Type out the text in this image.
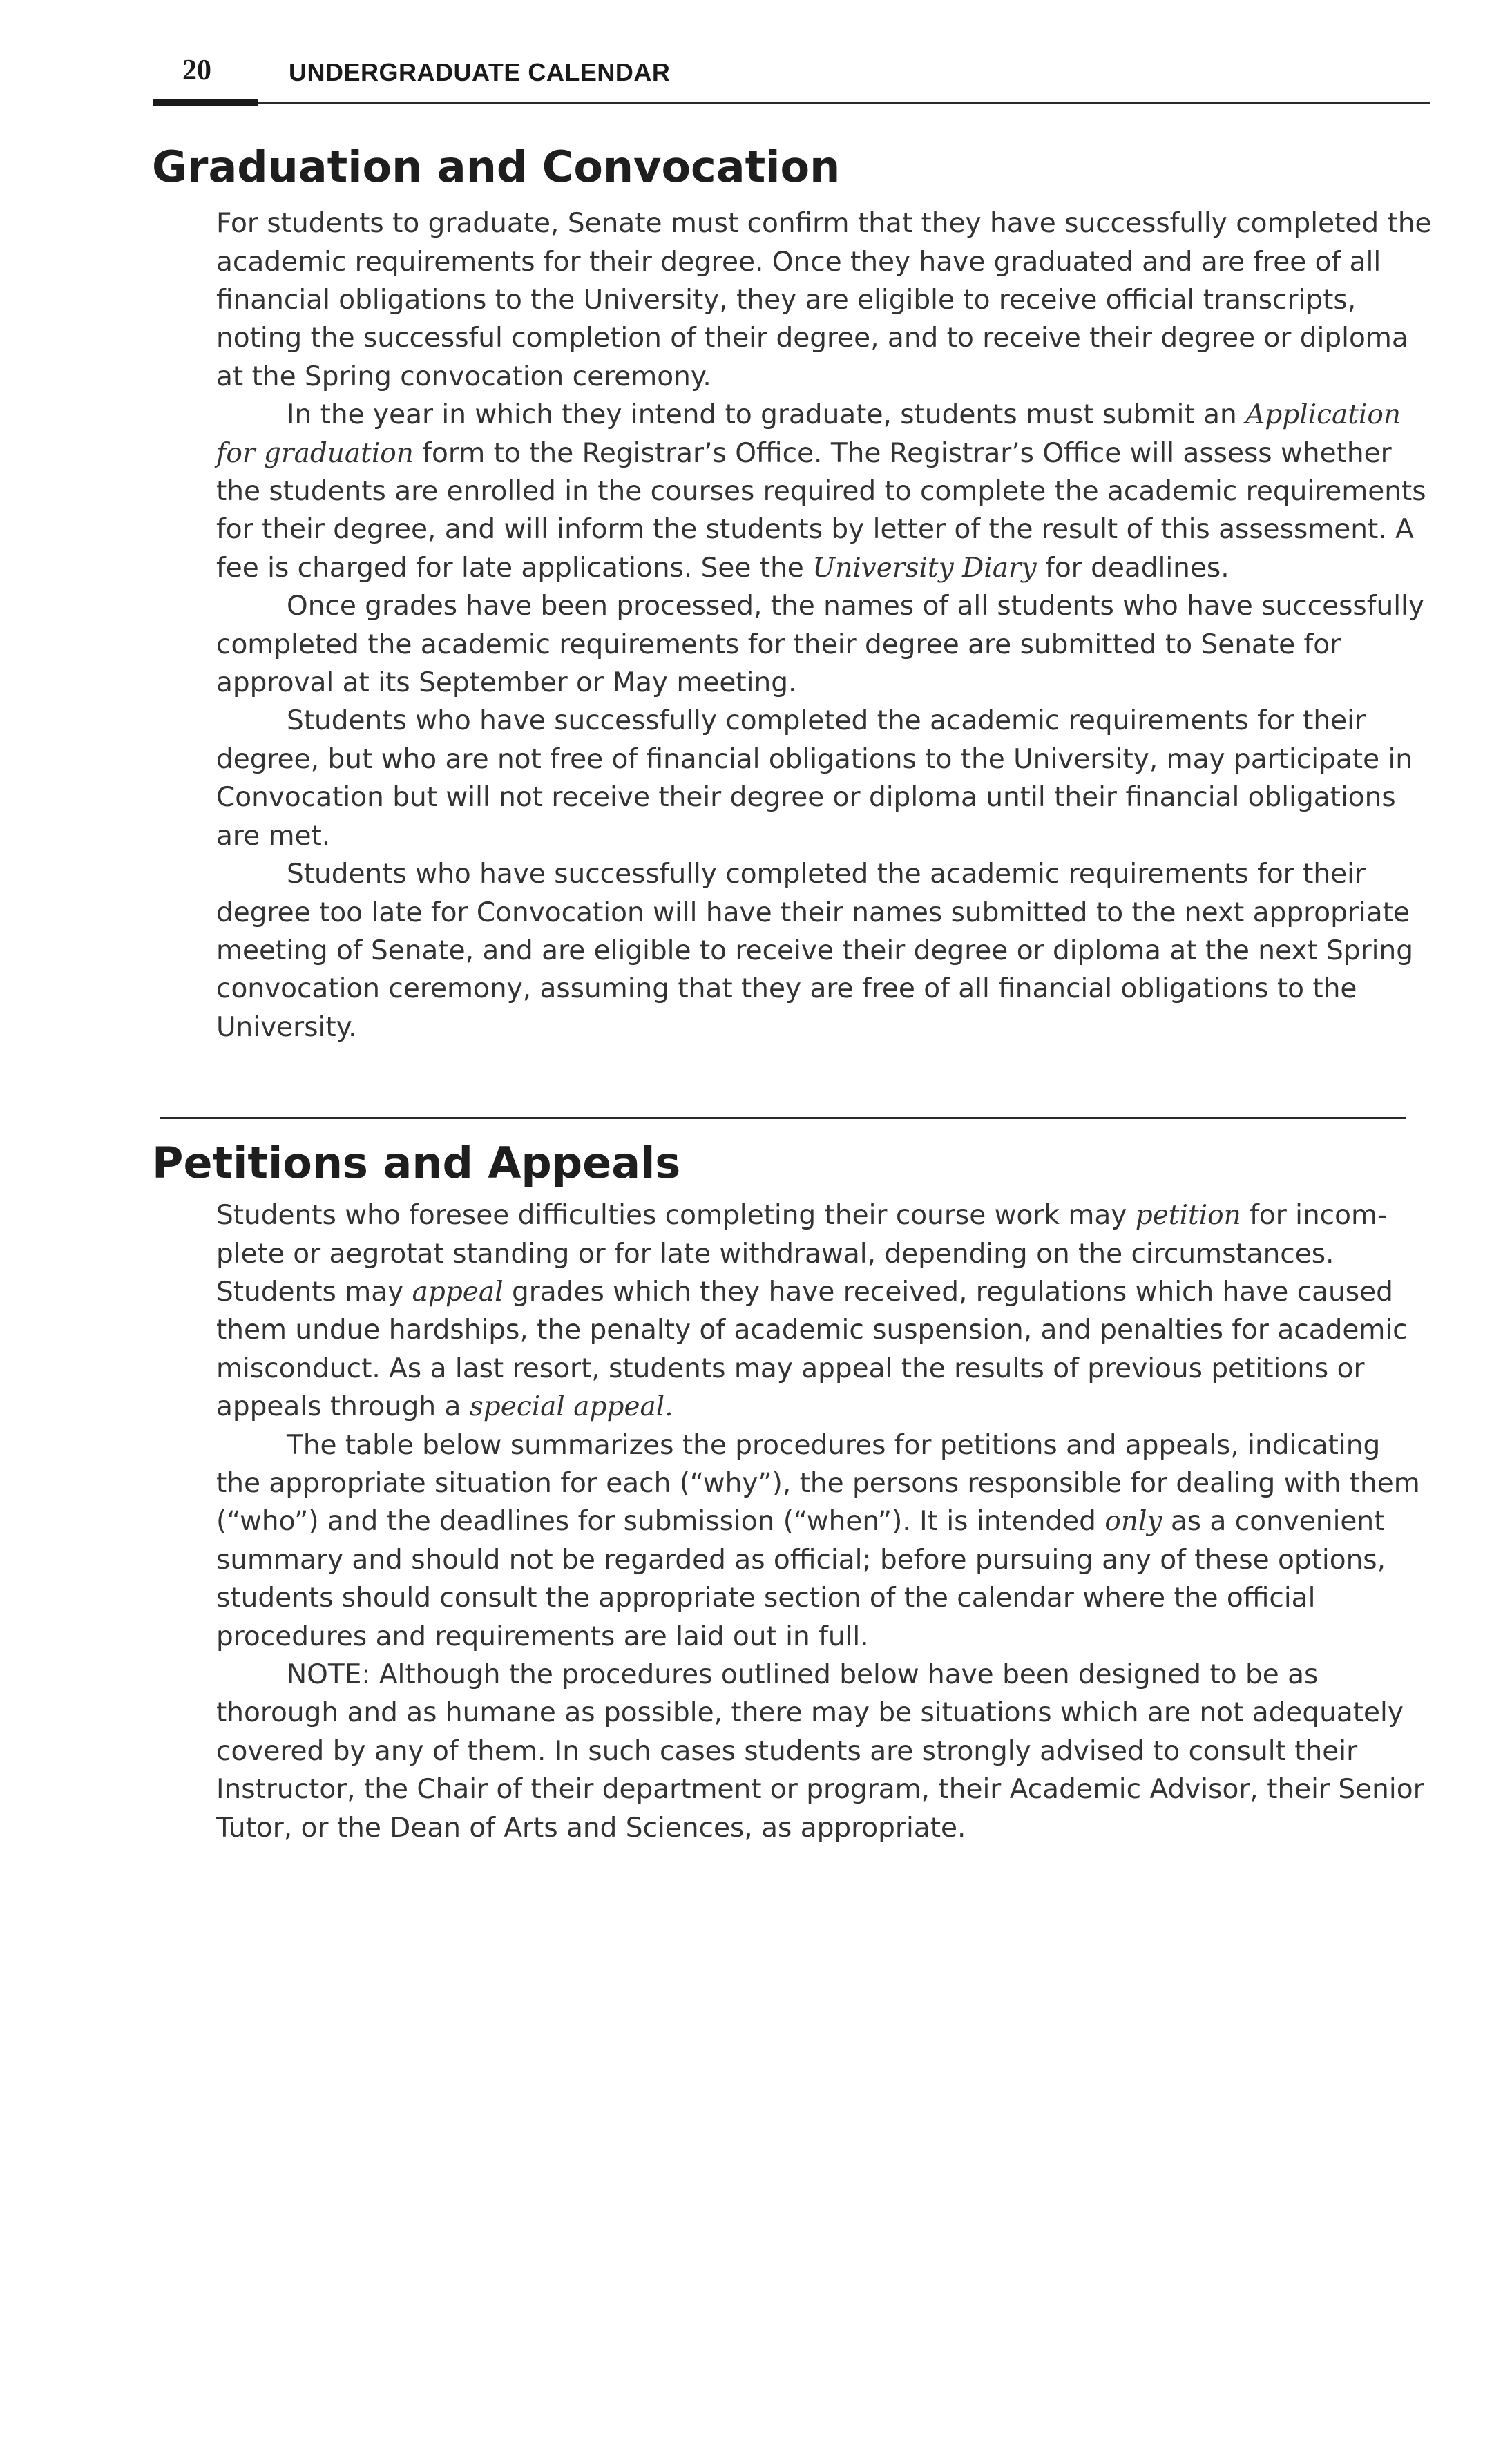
20	UNDERGRADUATE CALENDAR
Graduation and Convocation

For students to graduate, Senate must confirm that they have successfully completed the academic requirements for their degree. Once they have graduated and are free of all financial obligations to the University, they are eligible to receive official transcripts, noting the successful completion of their degree, and to receive their degree or diploma at the Spring convocation ceremony.

In the year in which they intend to graduate, students must submit an Application for graduation form to the Registrar’s Office. The Registrar’s Office will assess whether the students are enrolled in the courses required to complete the academic requirements for their degree, and will inform the students by letter of the result of this assessment. A fee is charged for late applications. See the University Diary for deadlines.

Once grades have been processed, the names of all students who have successfully completed the academic requirements for their degree are submitted to Senate for approval at its September or May meeting.

Students who have successfully completed the academic requirements for their degree, but who are not free of financial obligations to the University, may participate in Convocation but will not receive their degree or diploma until their financial obligations are met.

Students who have successfully completed the academic requirements for their degree too late for Convocation will have their names submitted to the next appropriate meeting of Senate, and are eligible to receive their degree or diploma at the next Spring convocation ceremony, assuming that they are free of all financial obligations to the University.

Petitions and Appeals

Students who foresee difficulties completing their course work may petition for incomplete or aegrotat standing or for late withdrawal, depending on the circumstances. Students may appeal grades which they have received, regulations which have caused them undue hardships, the penalty of academic suspension, and penalties for academic misconduct. As a last resort, students may appeal the results of previous petitions or appeals through a special appeal.

The table below summarizes the procedures for petitions and appeals, indicating the appropriate situation for each (“why”), the persons responsible for dealing with them (“who”) and the deadlines for submission (“when”). It is intended only as a convenient summary and should not be regarded as official; before pursuing any of these options, students should consult the appropriate section of the calendar where the official procedures and requirements are laid out in full.

NOTE: Although the procedures outlined below have been designed to be as thorough and as humane as possible, there may be situations which are not adequately covered by any of them. In such cases students are strongly advised to consult their Instructor, the Chair of their department or program, their Academic Advisor, their Senior Tutor, or the Dean of Arts and Sciences, as appropriate.
